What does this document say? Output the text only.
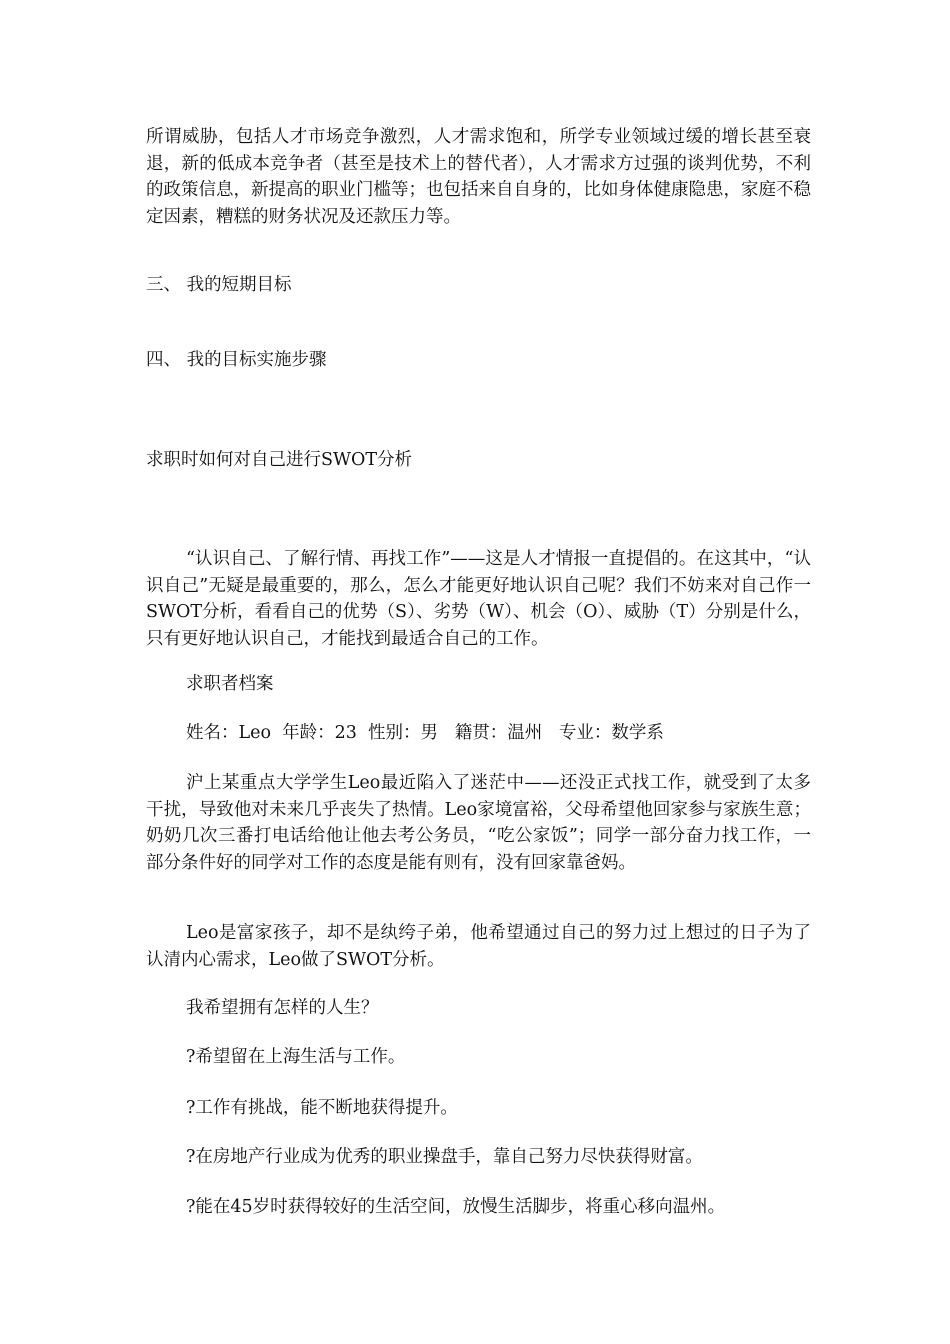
所谓威胁，包括人才市场竞争激烈，人才需求饱和，所学专业领域过缓的增长甚至衰退，新的低成本竞争者（甚至是技术上的替代者），人才需求方过强的谈判优势，不利的政策信息，新提高的职业门槛等；也包括来自自身的，比如身体健康隐患，家庭不稳定因素，糟糕的财务状况及还款压力等。

三、 我的短期目标

四、 我的目标实施步骤

求职时如何对自己进行SWOT分析

“认识自己、了解行情、再找工作”——这是人才情报一直提倡的。在这其中，“认识自己”无疑是最重要的，那么，怎么才能更好地认识自己呢？我们不妨来对自己作一SWOT分析，看看自己的优势（S）、劣势（W）、机会（O）、威胁（T）分别是什么，只有更好地认识自己，才能找到最适合自己的工作。

求职者档案

姓名：Leo  年龄：23  性别：男   籍贯：温州   专业：数学系

沪上某重点大学学生Leo最近陷入了迷茫中——还没正式找工作，就受到了太多干扰，导致他对未来几乎丧失了热情。Leo家境富裕，父母希望他回家参与家族生意；奶奶几次三番打电话给他让他去考公务员，“吃公家饭”；同学一部分奋力找工作，一部分条件好的同学对工作的态度是能有则有，没有回家靠爸妈。

Leo是富家孩子，却不是纨绔子弟，他希望通过自己的努力过上想过的日子为了认清内心需求，Leo做了SWOT分析。

我希望拥有怎样的人生？

?希望留在上海生活与工作。

?工作有挑战，能不断地获得提升。

?在房地产行业成为优秀的职业操盘手，靠自己努力尽快获得财富。

?能在45岁时获得较好的生活空间，放慢生活脚步，将重心移向温州。
